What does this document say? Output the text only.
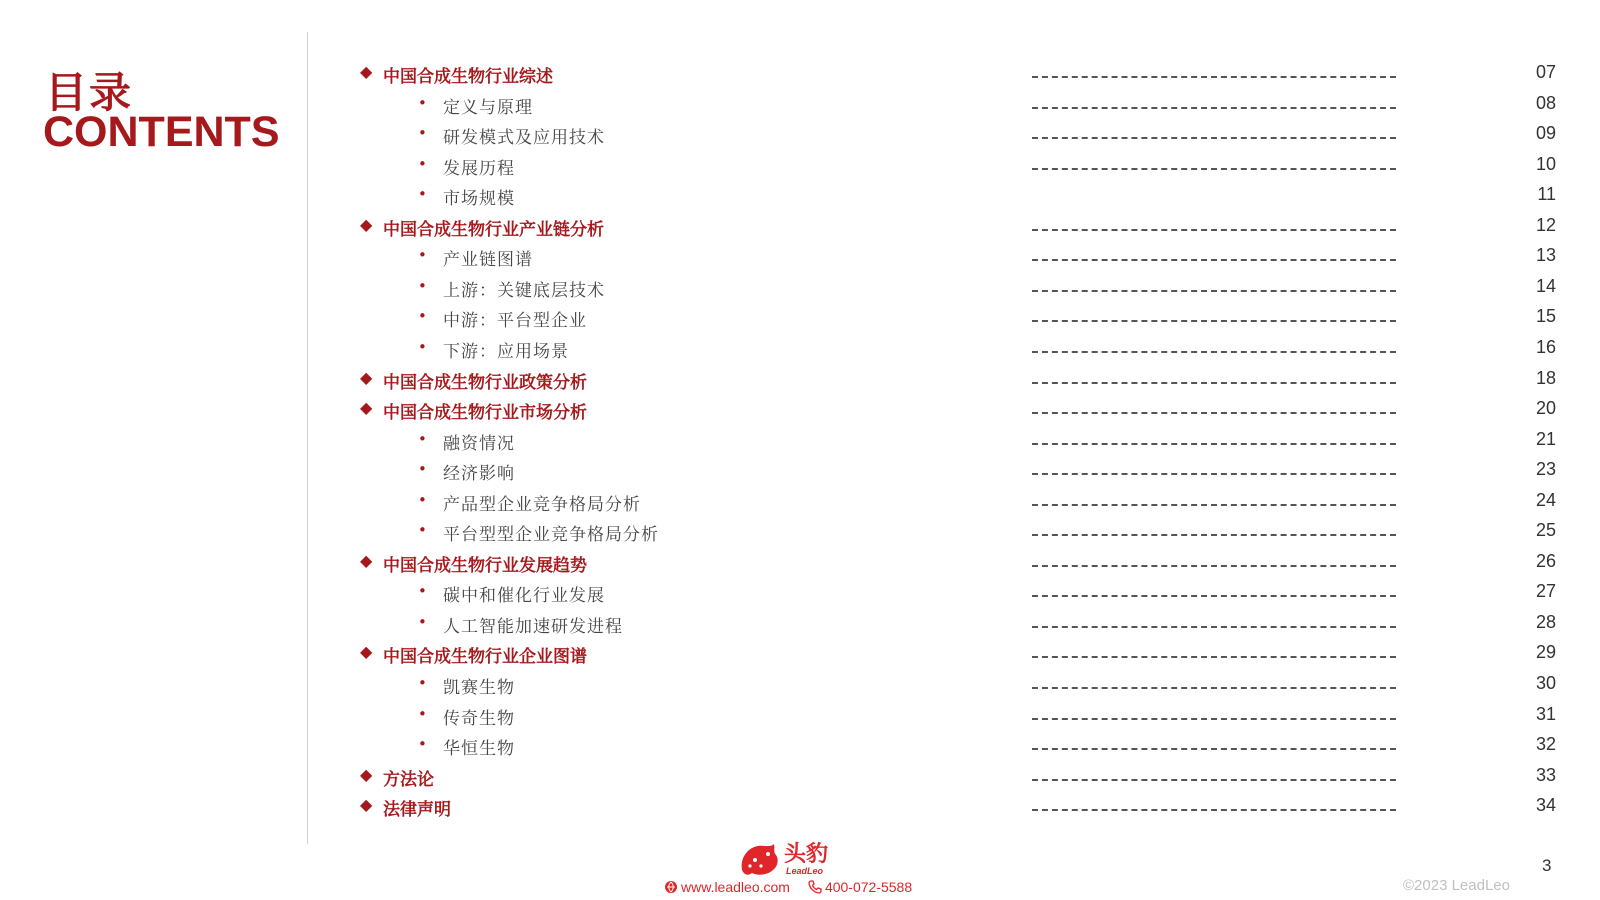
目录
CONTENTS
◆ 中国合成生物行业综述	07
• 定义与原理	08
• 研发模式及应用技术	09
• 发展历程	10
• 市场规模	11
◆ 中国合成生物行业产业链分析	12
• 产业链图谱	13
• 上游：关键底层技术	14
• 中游：平台型企业	15
• 下游：应用场景	16
◆ 中国合成生物行业政策分析	18
◆ 中国合成生物行业市场分析	20
• 融资情况	21
• 经济影响	23
• 产品型企业竞争格局分析	24
• 平台型型企业竞争格局分析	25
◆ 中国合成生物行业发展趋势	26
• 碳中和催化行业发展	27
• 人工智能加速研发进程	28
◆ 中国合成生物行业企业图谱	29
• 凯赛生物	30
• 传奇生物	31
• 华恒生物	32
◆ 方法论	33
◆ 法律声明	34
头豹
LeadLeo
www.leadleo.com	400-072-5588	©2023 LeadLeo
3
